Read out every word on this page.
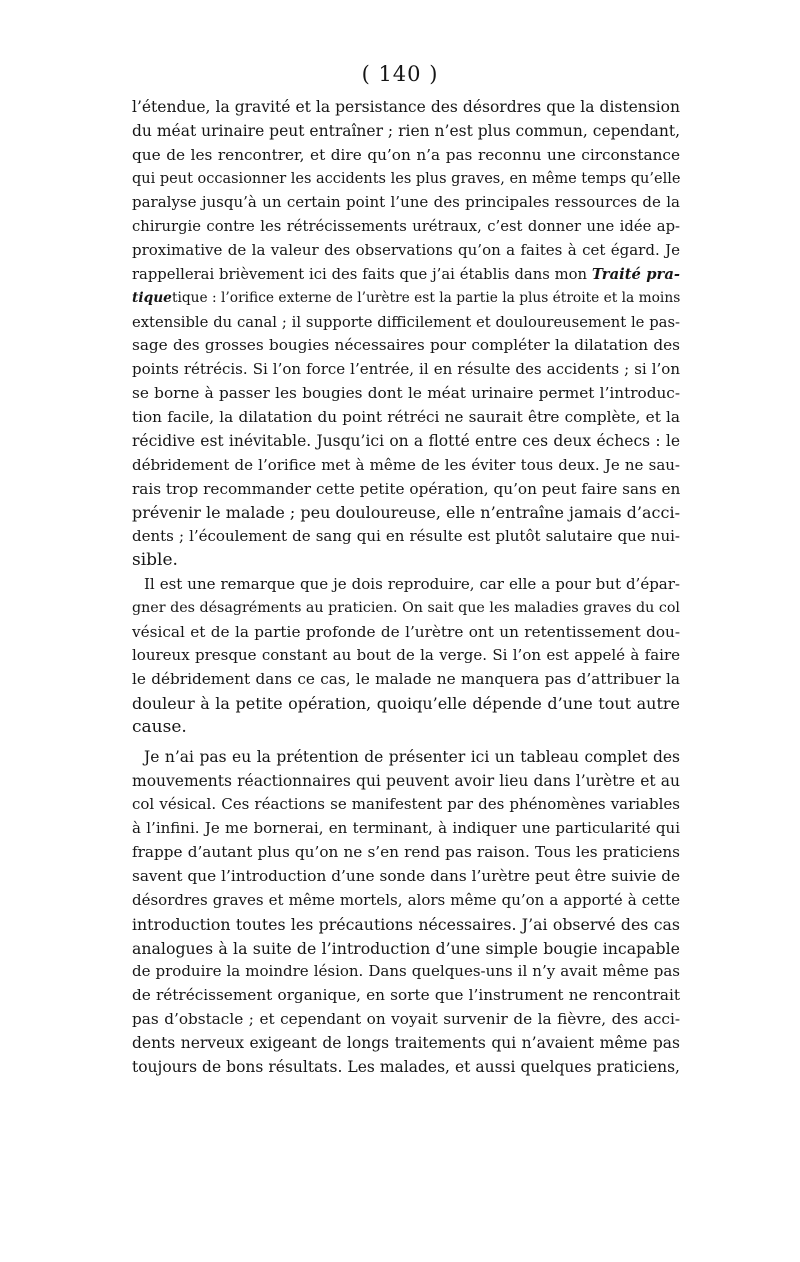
( 140 )
l’étendue, la gravité et la persistance des désordres que la distension
du méat urinaire peut entraîner ; rien n’est plus commun, cependant,
que de les rencontrer, et dire qu’on n’a pas reconnu une circonstance
qui peut occasionner les accidents les plus graves, en même temps qu’elle
paralyse jusqu’à un certain point l’une des principales ressources de la
chirurgie contre les rétrécissements urétraux, c’est donner une idée ap-
proximative de la valeur des observations qu’on a faites à cet égard. Je
rappellerai brièvement ici des faits que j’ai établis dans mon Traité pra-
tiquetique : l’orifice externe de l’urètre est la partie la plus étroite et la moins
extensible du canal ; il supporte difficilement et douloureusement le pas-
sage des grosses bougies nécessaires pour compléter la dilatation des
points rétrécis. Si l’on force l’entrée, il en résulte des accidents ; si l’on
se borne à passer les bougies dont le méat urinaire permet l’introduc-
tion facile, la dilatation du point rétréci ne saurait être complète, et la
récidive est inévitable. Jusqu’ici on a flotté entre ces deux échecs : le
débridement de l’orifice met à même de les éviter tous deux. Je ne sau-
rais trop recommander cette petite opération, qu’on peut faire sans en
prévenir le malade ; peu douloureuse, elle n’entraîne jamais d’acci-
dents ; l’écoulement de sang qui en résulte est plutôt salutaire que nui-
sible.
Il est une remarque que je dois reproduire, car elle a pour but d’épar-
gner des désagréments au praticien. On sait que les maladies graves du col
vésical et de la partie profonde de l’urètre ont un retentissement dou-
loureux presque constant au bout de la verge. Si l’on est appelé à faire
le débridement dans ce cas, le malade ne manquera pas d’attribuer la
douleur à la petite opération, quoiqu’elle dépende d’une tout autre
cause.
Je n’ai pas eu la prétention de présenter ici un tableau complet des
mouvements réactionnaires qui peuvent avoir lieu dans l’urètre et au
col vésical. Ces réactions se manifestent par des phénomènes variables
à l’infini. Je me bornerai, en terminant, à indiquer une particularité qui
frappe d’autant plus qu’on ne s’en rend pas raison. Tous les praticiens
savent que l’introduction d’une sonde dans l’urètre peut être suivie de
désordres graves et même mortels, alors même qu’on a apporté à cette
introduction toutes les précautions nécessaires. J’ai observé des cas
analogues à la suite de l’introduction d’une simple bougie incapable
de produire la moindre lésion. Dans quelques-uns il n’y avait même pas
de rétrécissement organique, en sorte que l’instrument ne rencontrait
pas d’obstacle ; et cependant on voyait survenir de la fièvre, des acci-
dents nerveux exigeant de longs traitements qui n’avaient même pas
toujours de bons résultats. Les malades, et aussi quelques praticiens,
